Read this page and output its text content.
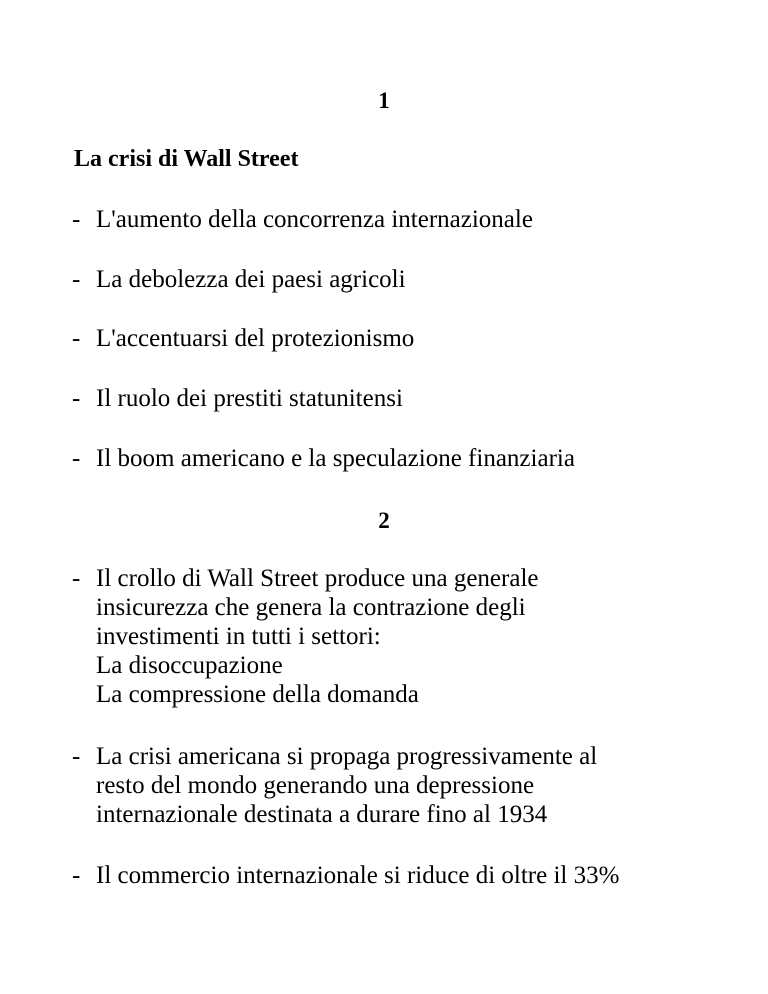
1
La crisi di Wall Street
- L'aumento della concorrenza internazionale
- La debolezza dei paesi agricoli
- L'accentuarsi del protezionismo
- Il ruolo dei prestiti statunitensi
- Il boom americano e la speculazione finanziaria
2
- Il crollo di Wall Street produce una generale
insicurezza che genera la contrazione degli
investimenti in tutti i settori:
La disoccupazione
La compressione della domanda
- La crisi americana si propaga progressivamente al
resto del mondo generando una depressione
internazionale destinata a durare fino al 1934
- Il commercio internazionale si riduce di oltre il 33%
